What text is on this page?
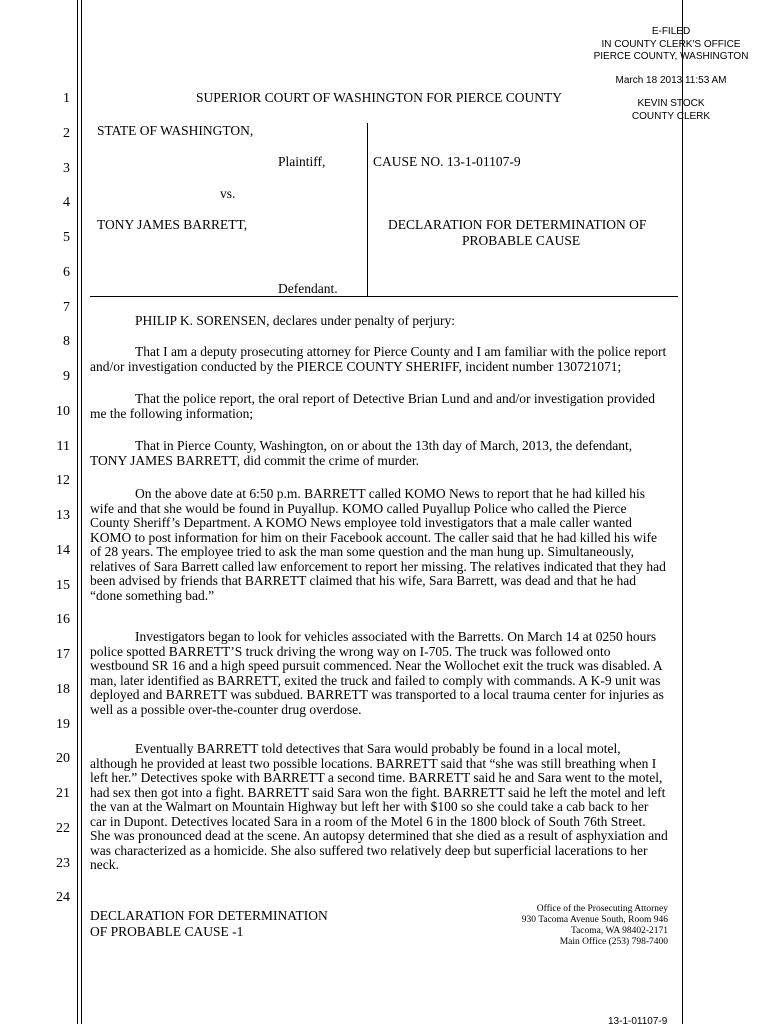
E-FILED
IN COUNTY CLERK'S OFFICE
PIERCE COUNTY, WASHINGTON
March 18 2013 11:53 AM
KEVIN STOCK
COUNTY CLERK
1
2
3
4
5
6
7
8
9
10
11
12
13
14
15
16
17
18
19
20
21
22
23
24
SUPERIOR COURT OF WASHINGTON FOR PIERCE COUNTY
STATE OF WASHINGTON,
Plaintiff,
vs.
TONY JAMES BARRETT,
Defendant.
CAUSE NO. 13-1-01107-9
DECLARATION FOR DETERMINATION OF
PROBABLE CAUSE
PHILIP K. SORENSEN, declares under penalty of perjury:
That I am a deputy prosecuting attorney for Pierce County and I am familiar with the police report and/or investigation conducted by the PIERCE COUNTY SHERIFF, incident number 130721071;
That the police report, the oral report of Detective Brian Lund and and/or investigation provided me the following information;
That in Pierce County, Washington, on or about the 13th day of March, 2013, the defendant, TONY JAMES BARRETT, did commit the crime of murder.
On the above date at 6:50 p.m. BARRETT called KOMO News to report that he had killed his wife and that she would be found in Puyallup. KOMO called Puyallup Police who called the Pierce County Sheriff’s Department. A KOMO News employee told investigators that a male caller wanted KOMO to post information for him on their Facebook account. The caller said that he had killed his wife of 28 years. The employee tried to ask the man some question and the man hung up. Simultaneously, relatives of Sara Barrett called law enforcement to report her missing. The relatives indicated that they had been advised by friends that BARRETT claimed that his wife, Sara Barrett, was dead and that he had “done something bad.”
Investigators began to look for vehicles associated with the Barretts. On March 14 at 0250 hours police spotted BARRETT’S truck driving the wrong way on I-705. The truck was followed onto westbound SR 16 and a high speed pursuit commenced. Near the Wollochet exit the truck was disabled. A man, later identified as BARRETT, exited the truck and failed to comply with commands. A K-9 unit was deployed and BARRETT was subdued. BARRETT was transported to a local trauma center for injuries as well as a possible over-the-counter drug overdose.
Eventually BARRETT told detectives that Sara would probably be found in a local motel, although he provided at least two possible locations. BARRETT said that “she was still breathing when I left her.” Detectives spoke with BARRETT a second time. BARRETT said he and Sara went to the motel, had sex then got into a fight. BARRETT said Sara won the fight. BARRETT said he left the motel and left the van at the Walmart on Mountain Highway but left her with $100 so she could take a cab back to her car in Dupont. Detectives located Sara in a room of the Motel 6 in the 1800 block of South 76th Street. She was pronounced dead at the scene. An autopsy determined that she died as a result of asphyxiation and was characterized as a homicide. She also suffered two relatively deep but superficial lacerations to her neck.
DECLARATION FOR DETERMINATION
OF PROBABLE CAUSE -1
Office of the Prosecuting Attorney
930 Tacoma Avenue South, Room 946
Tacoma, WA 98402-2171
Main Office (253) 798-7400
13-1-01107-9
